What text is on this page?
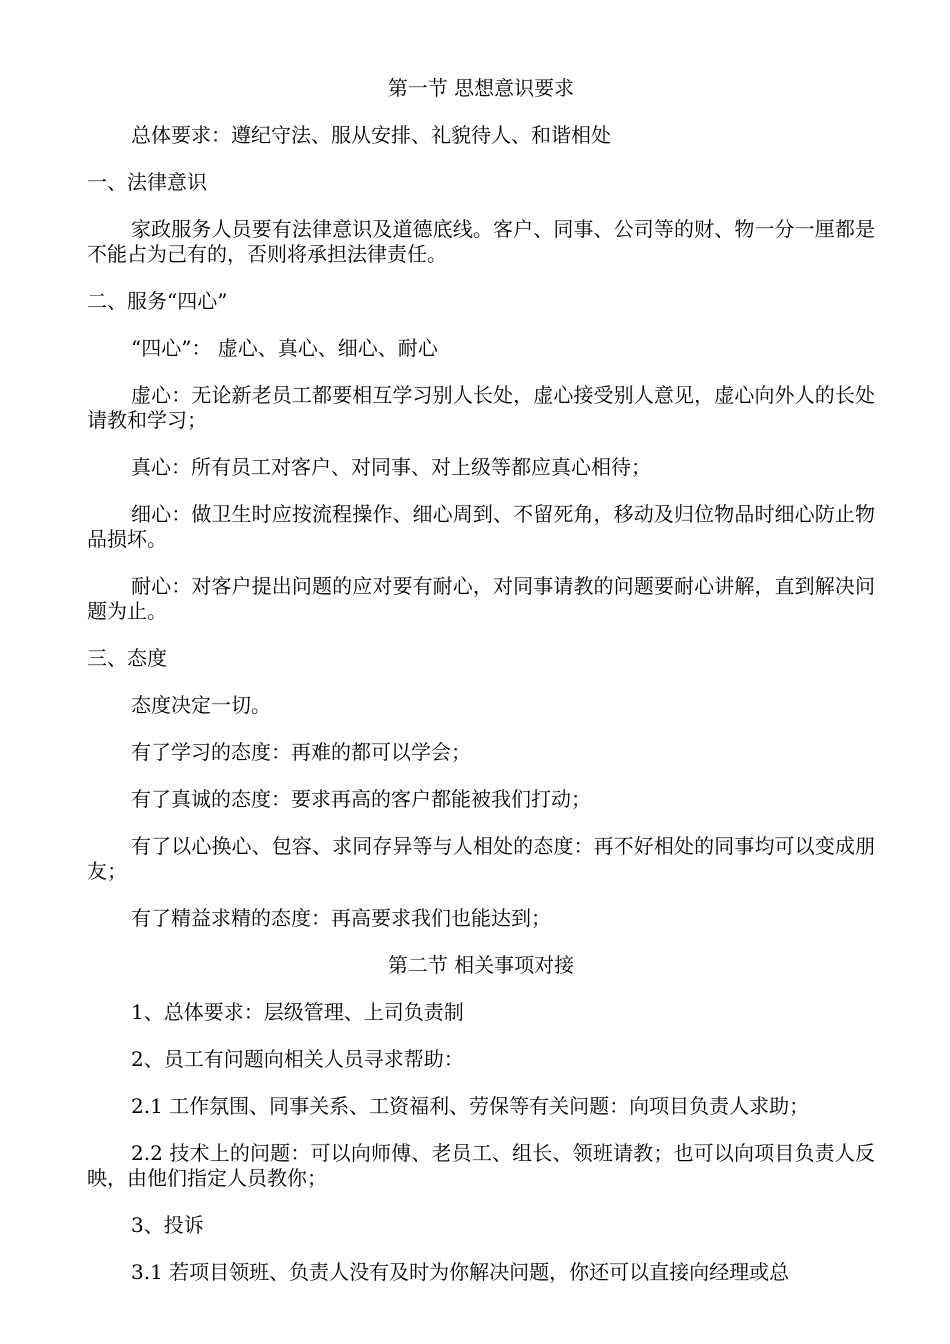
第一节 思想意识要求

总体要求：遵纪守法、服从安排、礼貌待人、和谐相处

一、法律意识

家政服务人员要有法律意识及道德底线。客户、同事、公司等的财、物一分一厘都是不能占为己有的，否则将承担法律责任。

二、服务“四心”

“四心”： 虚心、真心、细心、耐心

虚心：无论新老员工都要相互学习别人长处，虚心接受别人意见，虚心向外人的长处请教和学习；

真心：所有员工对客户、对同事、对上级等都应真心相待；

细心：做卫生时应按流程操作、细心周到、不留死角，移动及归位物品时细心防止物品损坏。

耐心：对客户提出问题的应对要有耐心，对同事请教的问题要耐心讲解，直到解决问题为止。

三、态度

态度决定一切。

有了学习的态度：再难的都可以学会；

有了真诚的态度：要求再高的客户都能被我们打动；

有了以心换心、包容、求同存异等与人相处的态度：再不好相处的同事均可以变成朋友；

有了精益求精的态度：再高要求我们也能达到；

第二节 相关事项对接

1、总体要求：层级管理、上司负责制

2、员工有问题向相关人员寻求帮助：

2.1 工作氛围、同事关系、工资福利、劳保等有关问题：向项目负责人求助；

2.2 技术上的问题：可以向师傅、老员工、组长、领班请教；也可以向项目负责人反映，由他们指定人员教你；

3、投诉

3.1 若项目领班、负责人没有及时为你解决问题，你还可以直接向经理或总
